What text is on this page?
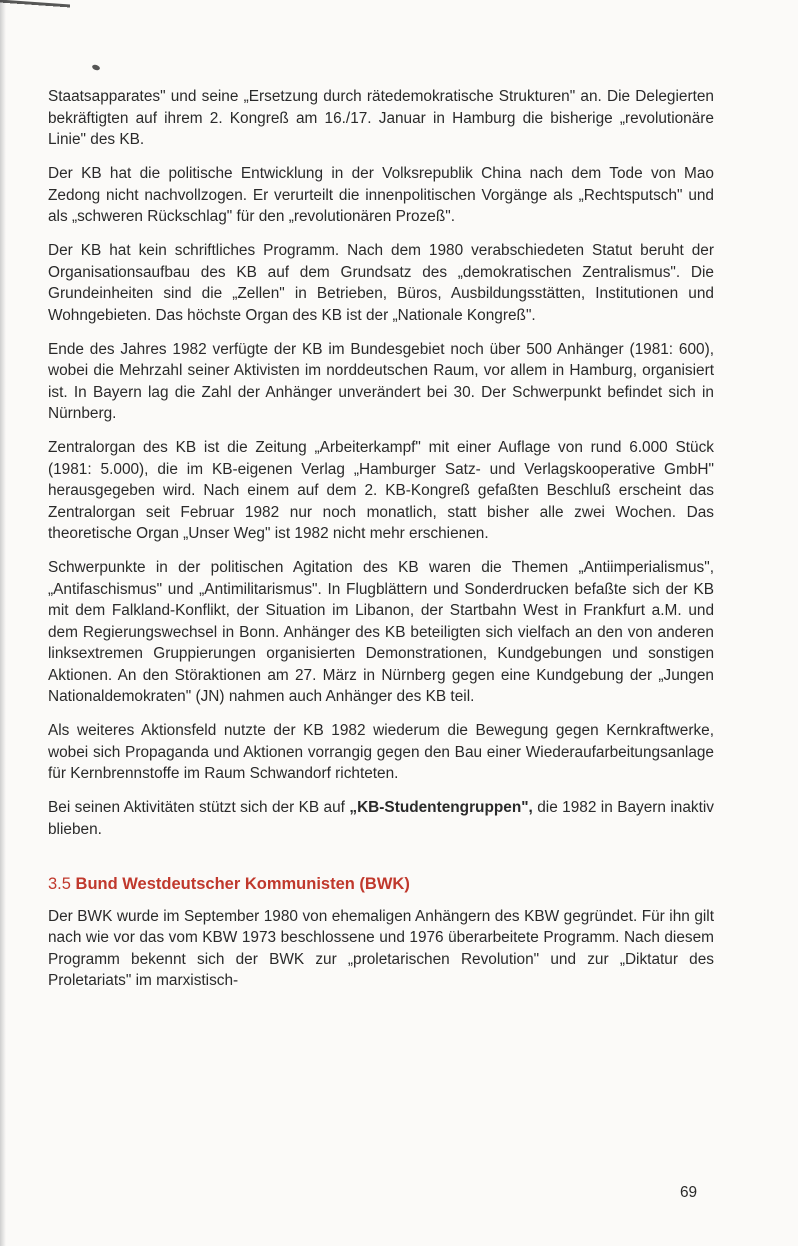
Staatsapparates" und seine „Ersetzung durch rätedemokratische Strukturen" an. Die Delegierten bekräftigten auf ihrem 2. Kongreß am 16./17. Januar in Hamburg die bisherige „revolutionäre Linie" des KB.

Der KB hat die politische Entwicklung in der Volksrepublik China nach dem Tode von Mao Zedong nicht nachvollzogen. Er verurteilt die innenpolitischen Vorgänge als „Rechtsputsch" und als „schweren Rückschlag" für den „revolutionären Prozeß".

Der KB hat kein schriftliches Programm. Nach dem 1980 verabschiedeten Statut beruht der Organisationsaufbau des KB auf dem Grundsatz des „demokratischen Zentralismus". Die Grundeinheiten sind die „Zellen" in Betrieben, Büros, Ausbildungsstätten, Institutionen und Wohngebieten. Das höchste Organ des KB ist der „Nationale Kongreß".

Ende des Jahres 1982 verfügte der KB im Bundesgebiet noch über 500 Anhänger (1981: 600), wobei die Mehrzahl seiner Aktivisten im norddeutschen Raum, vor allem in Hamburg, organisiert ist. In Bayern lag die Zahl der Anhänger unverändert bei 30. Der Schwerpunkt befindet sich in Nürnberg.

Zentralorgan des KB ist die Zeitung „Arbeiterkampf" mit einer Auflage von rund 6.000 Stück (1981: 5.000), die im KB-eigenen Verlag „Hamburger Satz- und Verlagskooperative GmbH" herausgegeben wird. Nach einem auf dem 2. KB-Kongreß gefaßten Beschluß erscheint das Zentralorgan seit Februar 1982 nur noch monatlich, statt bisher alle zwei Wochen. Das theoretische Organ „Unser Weg" ist 1982 nicht mehr erschienen.

Schwerpunkte in der politischen Agitation des KB waren die Themen „Antiimperialismus", „Antifaschismus" und „Antimilitarismus". In Flugblättern und Sonderdrucken befaßte sich der KB mit dem Falkland-Konflikt, der Situation im Libanon, der Startbahn West in Frankfurt a.M. und dem Regierungswechsel in Bonn. Anhänger des KB beteiligten sich vielfach an den von anderen linksextremen Gruppierungen organisierten Demonstrationen, Kundgebungen und sonstigen Aktionen. An den Störaktionen am 27. März in Nürnberg gegen eine Kundgebung der „Jungen Nationaldemokraten" (JN) nahmen auch Anhänger des KB teil.

Als weiteres Aktionsfeld nutzte der KB 1982 wiederum die Bewegung gegen Kernkraftwerke, wobei sich Propaganda und Aktionen vorrangig gegen den Bau einer Wiederaufarbeitungsanlage für Kernbrennstoffe im Raum Schwandorf richteten.

Bei seinen Aktivitäten stützt sich der KB auf „KB-Studentengruppen", die 1982 in Bayern inaktiv blieben.

3.5 Bund Westdeutscher Kommunisten (BWK)

Der BWK wurde im September 1980 von ehemaligen Anhängern des KBW gegründet. Für ihn gilt nach wie vor das vom KBW 1973 beschlossene und 1976 überarbeitete Programm. Nach diesem Programm bekennt sich der BWK zur „proletarischen Revolution" und zur „Diktatur des Proletariats" im marxistisch-

69
